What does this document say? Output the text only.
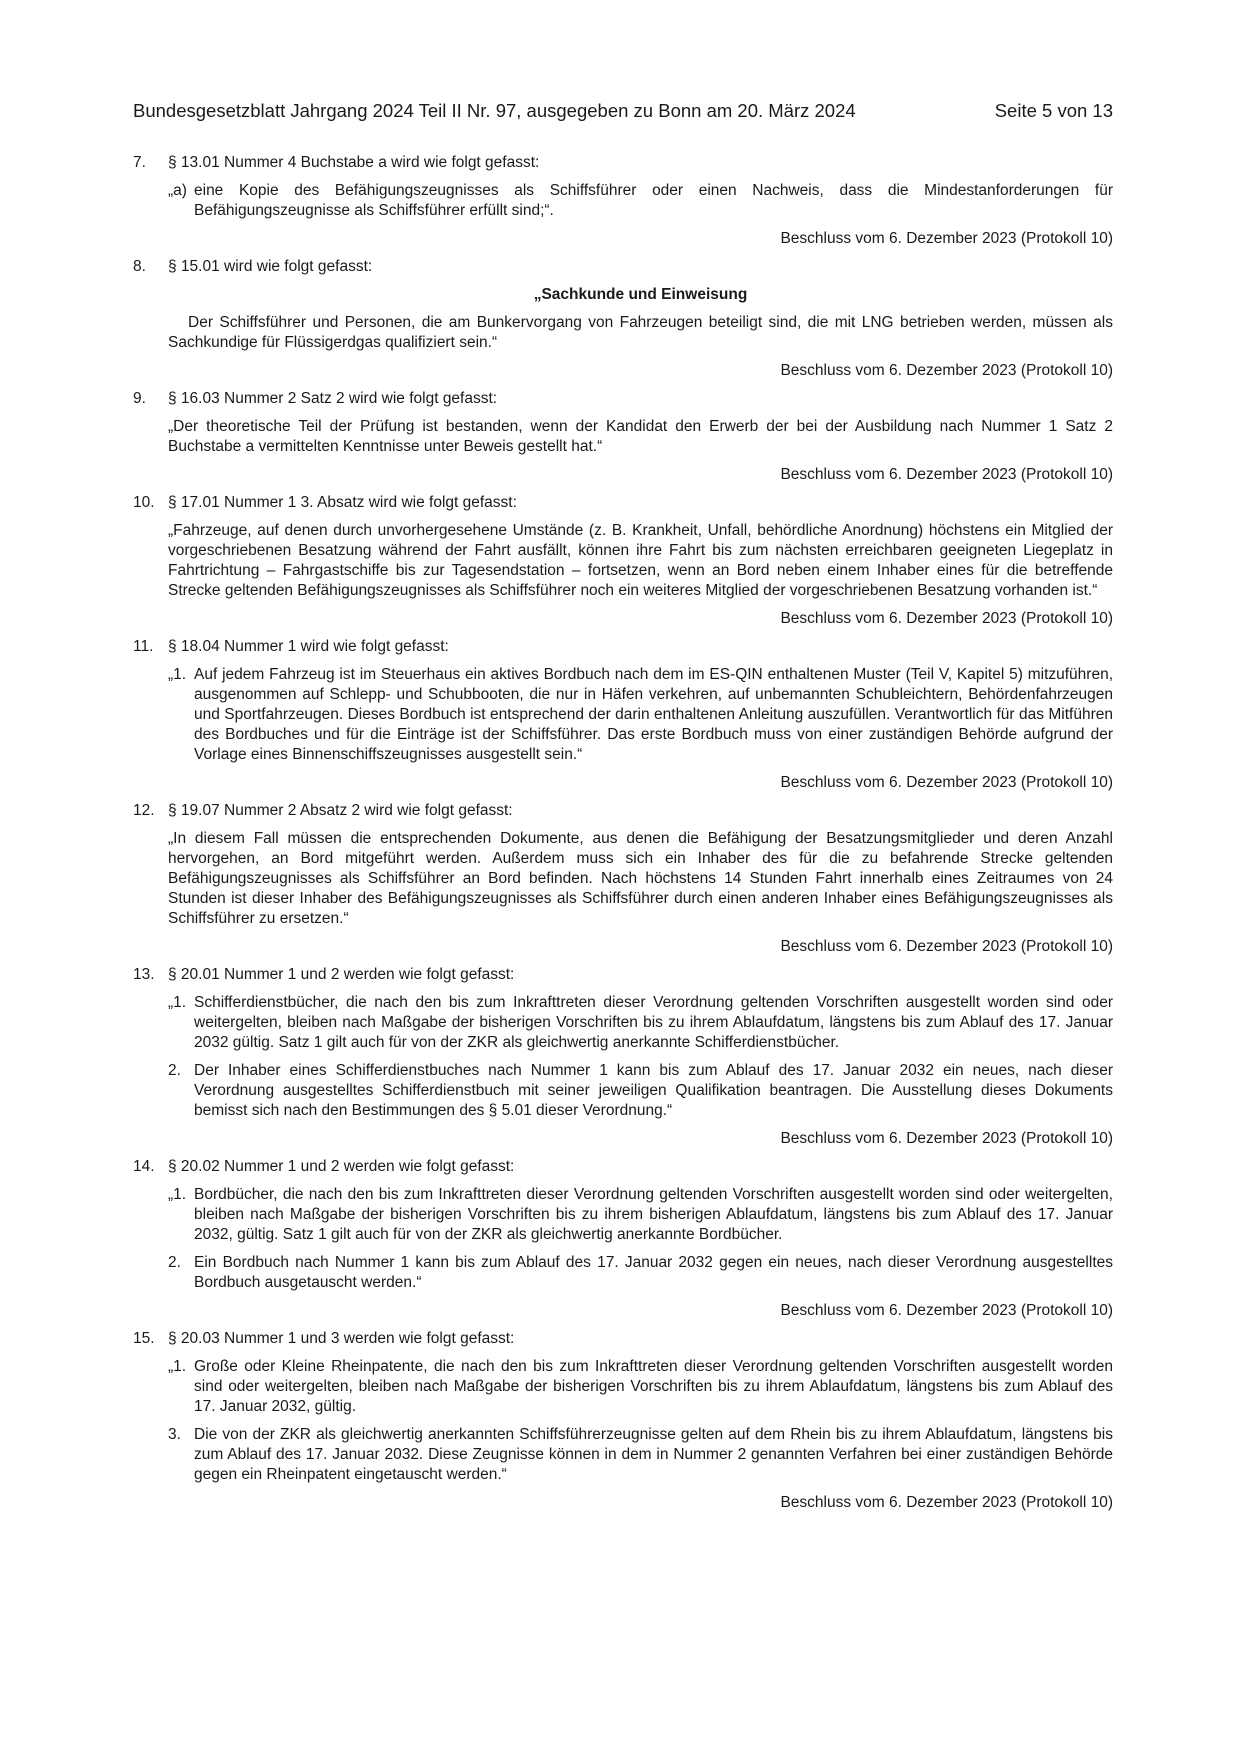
Bundesgesetzblatt Jahrgang 2024 Teil II Nr. 97, ausgegeben zu Bonn am 20. März 2024	Seite 5 von 13
7. § 13.01 Nummer 4 Buchstabe a wird wie folgt gefasst:
„a) eine Kopie des Befähigungszeugnisses als Schiffsführer oder einen Nachweis, dass die Mindestanforderungen für Befähigungszeugnisse als Schiffsführer erfüllt sind;“.
Beschluss vom 6. Dezember 2023 (Protokoll 10)
8. § 15.01 wird wie folgt gefasst:
„Sachkunde und Einweisung
Der Schiffsführer und Personen, die am Bunkervorgang von Fahrzeugen beteiligt sind, die mit LNG betrieben werden, müssen als Sachkundige für Flüssigerdgas qualifiziert sein.“
Beschluss vom 6. Dezember 2023 (Protokoll 10)
9. § 16.03 Nummer 2 Satz 2 wird wie folgt gefasst:
„Der theoretische Teil der Prüfung ist bestanden, wenn der Kandidat den Erwerb der bei der Ausbildung nach Nummer 1 Satz 2 Buchstabe a vermittelten Kenntnisse unter Beweis gestellt hat.“
Beschluss vom 6. Dezember 2023 (Protokoll 10)
10. § 17.01 Nummer 1 3. Absatz wird wie folgt gefasst:
„Fahrzeuge, auf denen durch unvorhergesehene Umstände (z. B. Krankheit, Unfall, behördliche Anordnung) höchstens ein Mitglied der vorgeschriebenen Besatzung während der Fahrt ausfällt, können ihre Fahrt bis zum nächsten erreichbaren geeigneten Liegeplatz in Fahrtrichtung – Fahrgastschiffe bis zur Tagesendstation – fortsetzen, wenn an Bord neben einem Inhaber eines für die betreffende Strecke geltenden Befähigungszeugnisses als Schiffsführer noch ein weiteres Mitglied der vorgeschriebenen Besatzung vorhanden ist.“
Beschluss vom 6. Dezember 2023 (Protokoll 10)
11. § 18.04 Nummer 1 wird wie folgt gefasst:
„1. Auf jedem Fahrzeug ist im Steuerhaus ein aktives Bordbuch nach dem im ES-QIN enthaltenen Muster (Teil V, Kapitel 5) mitzuführen, ausgenommen auf Schlepp- und Schubbooten, die nur in Häfen verkehren, auf unbemannten Schubleichtern, Behördenfahrzeugen und Sportfahrzeugen. Dieses Bordbuch ist entsprechend der darin enthaltenen Anleitung auszufüllen. Verantwortlich für das Mitführen des Bordbuches und für die Einträge ist der Schiffsführer. Das erste Bordbuch muss von einer zuständigen Behörde aufgrund der Vorlage eines Binnenschiffszeugnisses ausgestellt sein.“
Beschluss vom 6. Dezember 2023 (Protokoll 10)
12. § 19.07 Nummer 2 Absatz 2 wird wie folgt gefasst:
„In diesem Fall müssen die entsprechenden Dokumente, aus denen die Befähigung der Besatzungsmitglieder und deren Anzahl hervorgehen, an Bord mitgeführt werden. Außerdem muss sich ein Inhaber des für die zu befahrende Strecke geltenden Befähigungszeugnisses als Schiffsführer an Bord befinden. Nach höchstens 14 Stunden Fahrt innerhalb eines Zeitraumes von 24 Stunden ist dieser Inhaber des Befähigungszeugnisses als Schiffsführer durch einen anderen Inhaber eines Befähigungszeugnisses als Schiffsführer zu ersetzen.“
Beschluss vom 6. Dezember 2023 (Protokoll 10)
13. § 20.01 Nummer 1 und 2 werden wie folgt gefasst:
„1. Schifferdienstbücher, die nach den bis zum Inkrafttreten dieser Verordnung geltenden Vorschriften ausgestellt worden sind oder weitergelten, bleiben nach Maßgabe der bisherigen Vorschriften bis zu ihrem Ablaufdatum, längstens bis zum Ablauf des 17. Januar 2032 gültig. Satz 1 gilt auch für von der ZKR als gleichwertig anerkannte Schifferdienstbücher.
2. Der Inhaber eines Schifferdienstbuches nach Nummer 1 kann bis zum Ablauf des 17. Januar 2032 ein neues, nach dieser Verordnung ausgestelltes Schifferdienstbuch mit seiner jeweiligen Qualifikation beantragen. Die Ausstellung dieses Dokuments bemisst sich nach den Bestimmungen des § 5.01 dieser Verordnung.“
Beschluss vom 6. Dezember 2023 (Protokoll 10)
14. § 20.02 Nummer 1 und 2 werden wie folgt gefasst:
„1. Bordbücher, die nach den bis zum Inkrafttreten dieser Verordnung geltenden Vorschriften ausgestellt worden sind oder weitergelten, bleiben nach Maßgabe der bisherigen Vorschriften bis zu ihrem bisherigen Ablaufdatum, längstens bis zum Ablauf des 17. Januar 2032, gültig. Satz 1 gilt auch für von der ZKR als gleichwertig anerkannte Bordbücher.
2. Ein Bordbuch nach Nummer 1 kann bis zum Ablauf des 17. Januar 2032 gegen ein neues, nach dieser Verordnung ausgestelltes Bordbuch ausgetauscht werden.“
Beschluss vom 6. Dezember 2023 (Protokoll 10)
15. § 20.03 Nummer 1 und 3 werden wie folgt gefasst:
„1. Große oder Kleine Rheinpatente, die nach den bis zum Inkrafttreten dieser Verordnung geltenden Vorschriften ausgestellt worden sind oder weitergelten, bleiben nach Maßgabe der bisherigen Vorschriften bis zu ihrem Ablaufdatum, längstens bis zum Ablauf des 17. Januar 2032, gültig.
3. Die von der ZKR als gleichwertig anerkannten Schiffsführerzeugnisse gelten auf dem Rhein bis zu ihrem Ablaufdatum, längstens bis zum Ablauf des 17. Januar 2032. Diese Zeugnisse können in dem in Nummer 2 genannten Verfahren bei einer zuständigen Behörde gegen ein Rheinpatent eingetauscht werden.“
Beschluss vom 6. Dezember 2023 (Protokoll 10)
